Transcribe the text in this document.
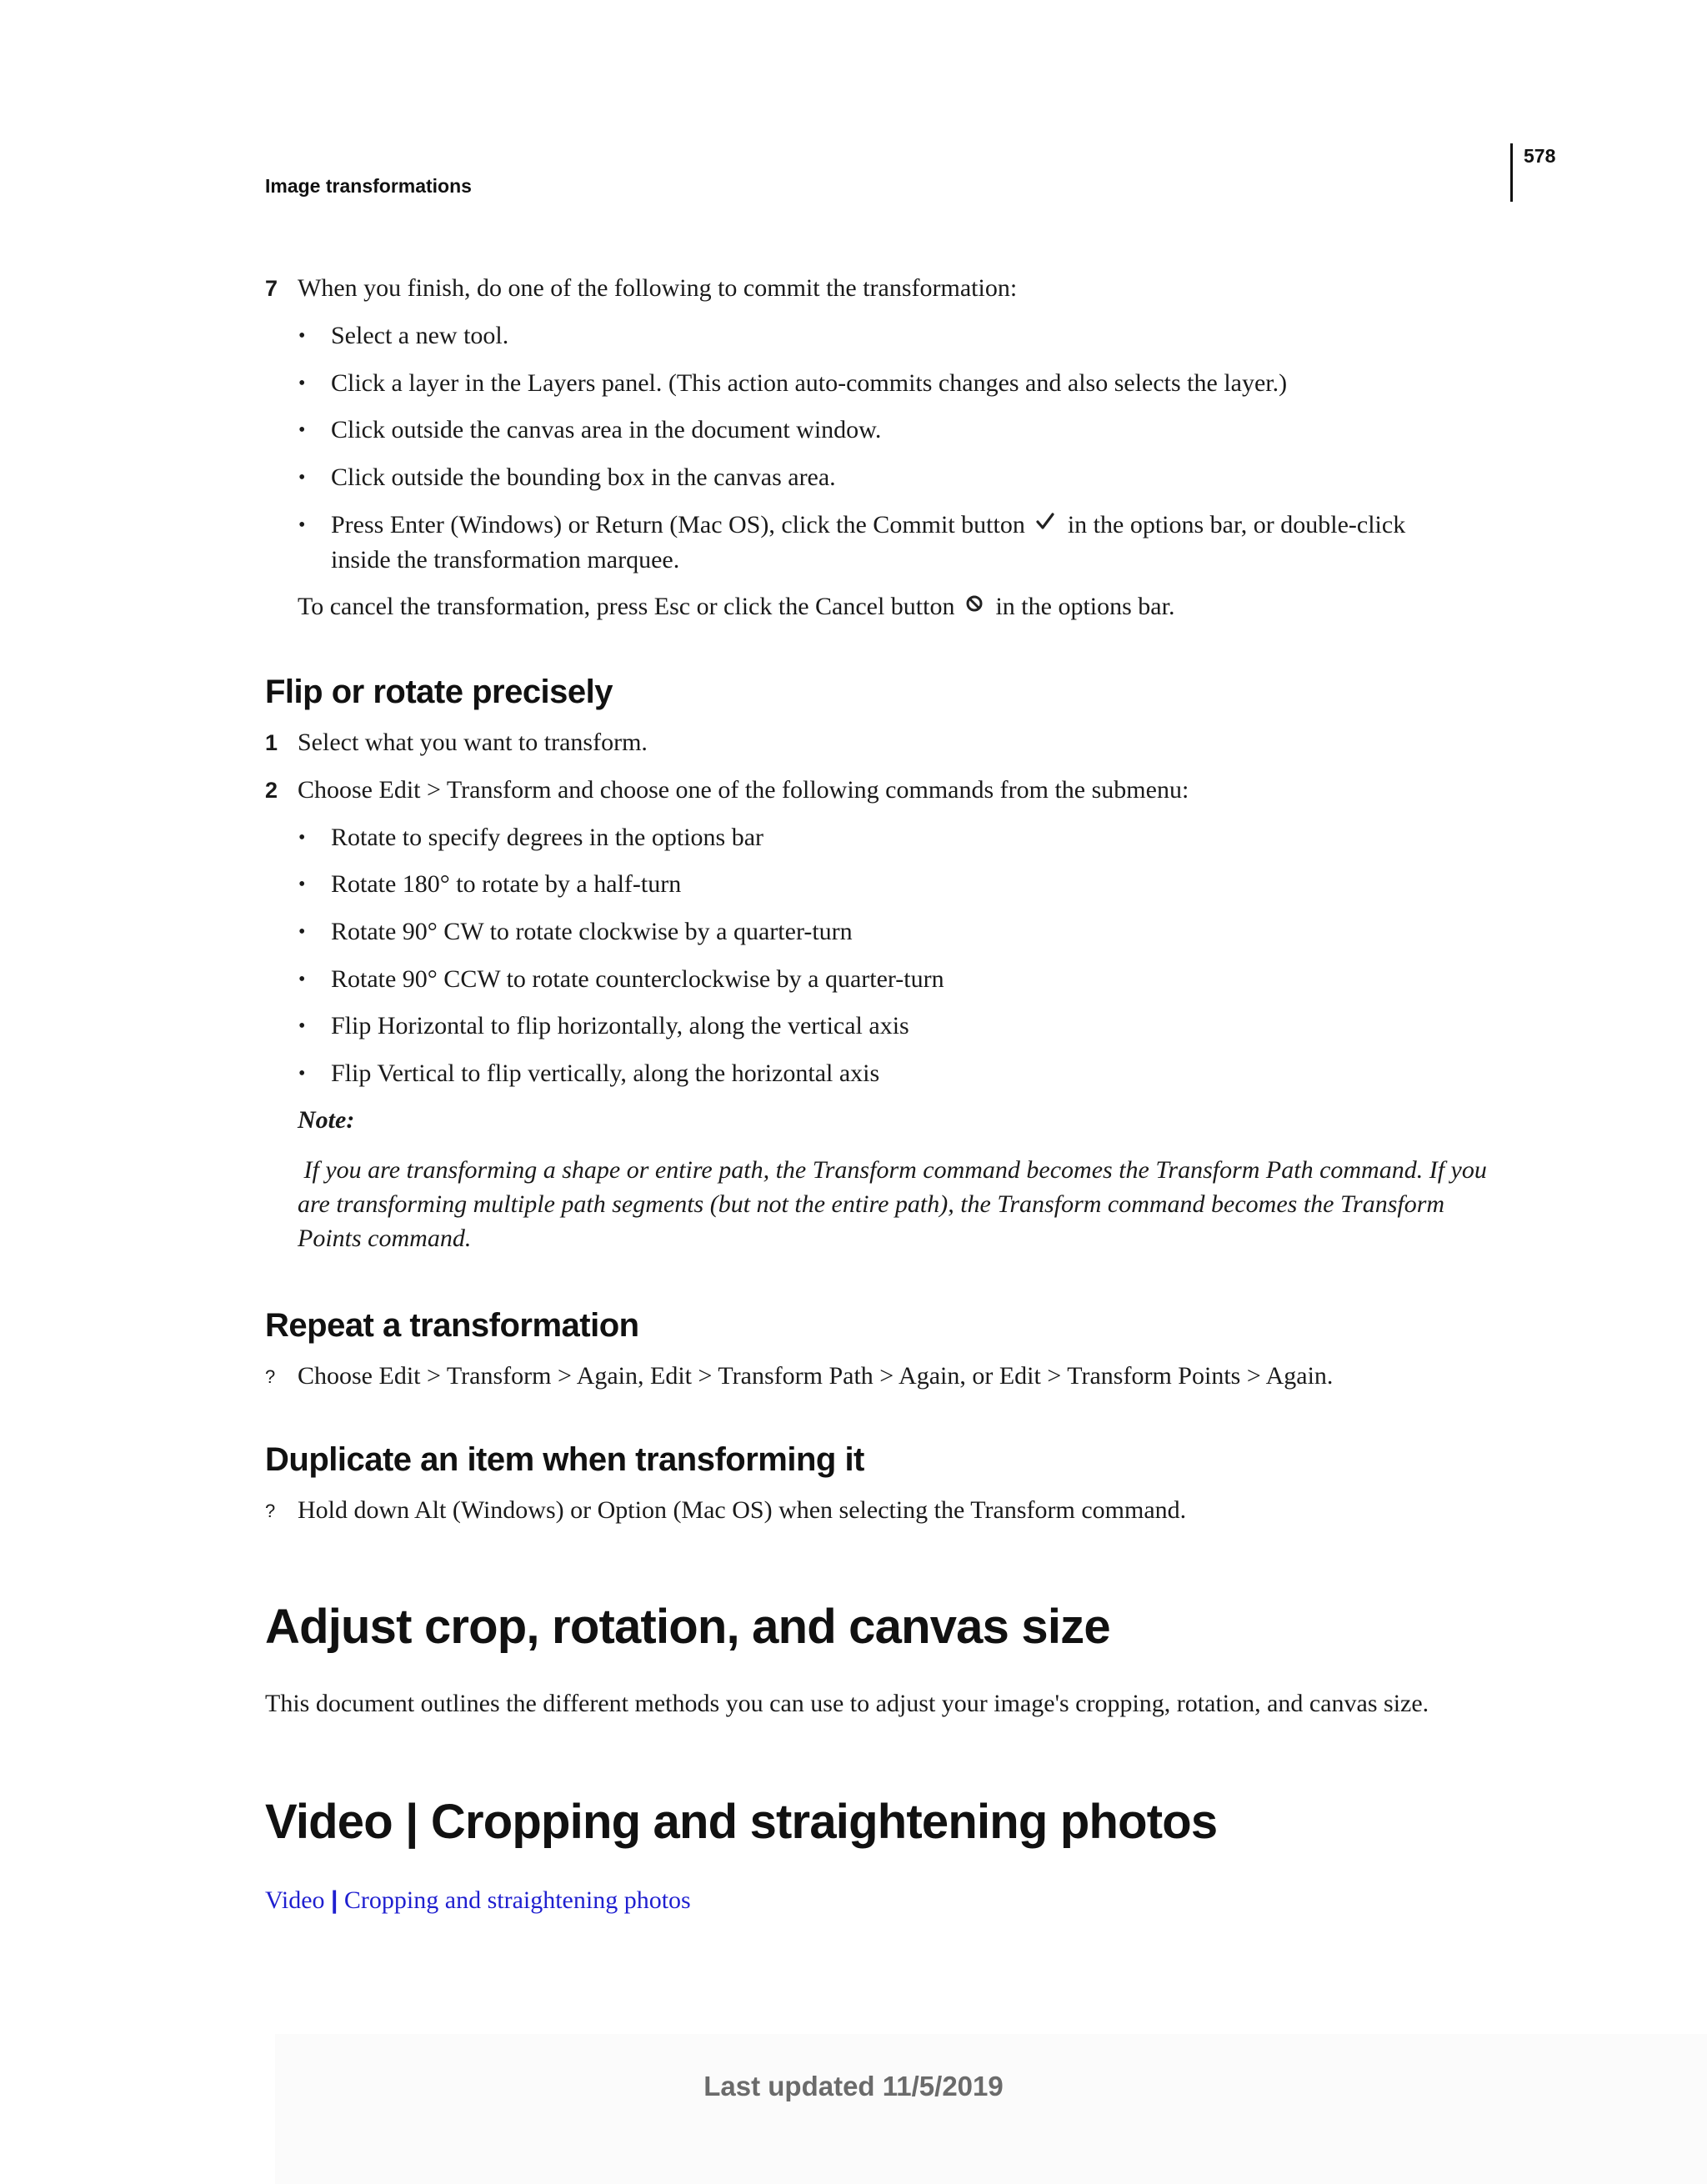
Image transformations
578
7 When you finish, do one of the following to commit the transformation:
• Select a new tool.
• Click a layer in the Layers panel. (This action auto-commits changes and also selects the layer.)
• Click outside the canvas area in the document window.
• Click outside the bounding box in the canvas area.
• Press Enter (Windows) or Return (Mac OS), click the Commit button in the options bar, or double-click
inside the transformation marquee.
To cancel the transformation, press Esc or click the Cancel button in the options bar.
Flip or rotate precisely
1 Select what you want to transform.
2 Choose Edit > Transform and choose one of the following commands from the submenu:
• Rotate to specify degrees in the options bar
• Rotate 180° to rotate by a half-turn
• Rotate 90° CW to rotate clockwise by a quarter-turn
• Rotate 90° CCW to rotate counterclockwise by a quarter-turn
• Flip Horizontal to flip horizontally, along the vertical axis
• Flip Vertical to flip vertically, along the horizontal axis
Note:
If you are transforming a shape or entire path, the Transform command becomes the Transform Path command. If you
are transforming multiple path segments (but not the entire path), the Transform command becomes the Transform
Points command.
Repeat a transformation
? Choose Edit > Transform > Again, Edit > Transform Path > Again, or Edit > Transform Points > Again.
Duplicate an item when transforming it
? Hold down Alt (Windows) or Option (Mac OS) when selecting the Transform command.
Adjust crop, rotation, and canvas size
This document outlines the different methods you can use to adjust your image's cropping, rotation, and canvas size.
Video | Cropping and straightening photos
Video | Cropping and straightening photos
Last updated 11/5/2019
